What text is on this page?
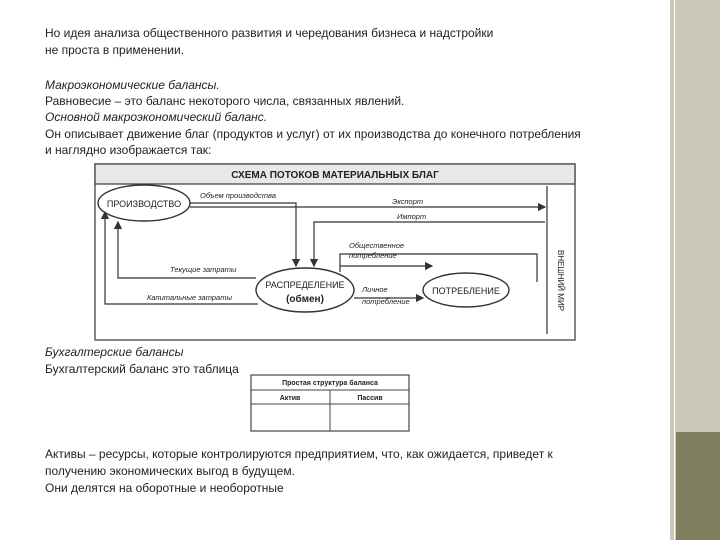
Но идея анализа общественного развития и чередования бизнеса и надстройки
не проста в применении.
Макроэкономические балансы.
Равновесие – это баланс некоторого числа, связанных явлений.
Основной макроэкономический баланс.
Он описывает движение благ (продуктов и услуг) от их производства до конечного потребления
и наглядно изображается так:
СХЕМА ПОТОКОВ МАТЕРИАЛЬНЫХ БЛАГ
ПРОИЗВОДСТВО
РАСПРЕДЕЛЕНИЕ
(обмен)
ПОТРЕБЛЕНИЕ	ВНЕШНИЙ МИР
Объем производства
Экспорт
Импорт
Общественное
потребление
Личное
потребление
Текущие затраты
Капитальные затраты
Бухгалтерские балансы
Бухгалтерский баланс это таблица
Простая структура баланса
Актив	Пассив
Активы – ресурсы, которые контролируются предприятием, что, как ожидается, приведет к
получению экономических выгод в будущем.
Они делятся на оборотные и необоротные
